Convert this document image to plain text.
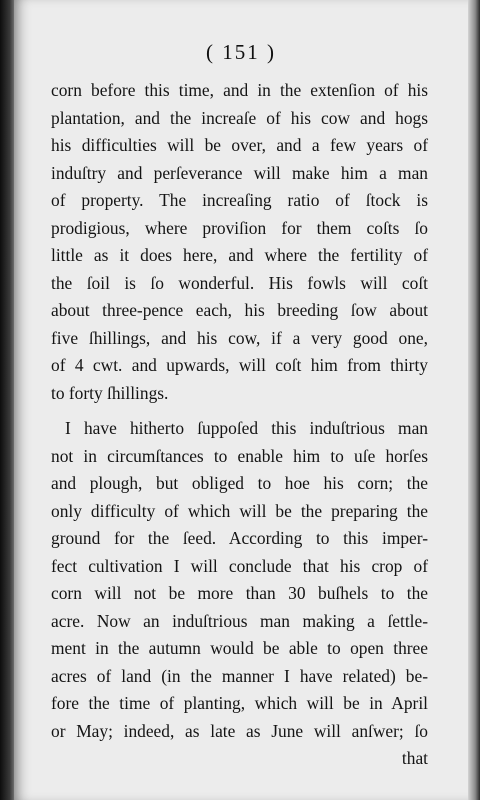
( 151 )
corn before this time, and in the extenſion of his
plantation, and the increaſe of his cow and hogs
his difficulties will be over, and a few years of
induſtry and perſeverance will make him a man
of property. The increaſing ratio of ſtock is
prodigious, where proviſion for them coſts ſo
little as it does here, and where the fertility of
the ſoil is ſo wonderful. His fowls will coſt
about three-pence each, his breeding ſow about
five ſhillings, and his cow, if a very good one,
of 4 cwt. and upwards, will coſt him from thirty
to forty ſhillings.
I have hitherto ſuppoſed this induſtrious man
not in circumſtances to enable him to uſe horſes
and plough, but obliged to hoe his corn; the
only difficulty of which will be the preparing the
ground for the ſeed. According to this imper-
fect cultivation I will conclude that his crop of
corn will not be more than 30 buſhels to the
acre. Now an induſtrious man making a ſettle-
ment in the autumn would be able to open three
acres of land (in the manner I have related) be-
fore the time of planting, which will be in April
or May; indeed, as late as June will anſwer; ſo
that
